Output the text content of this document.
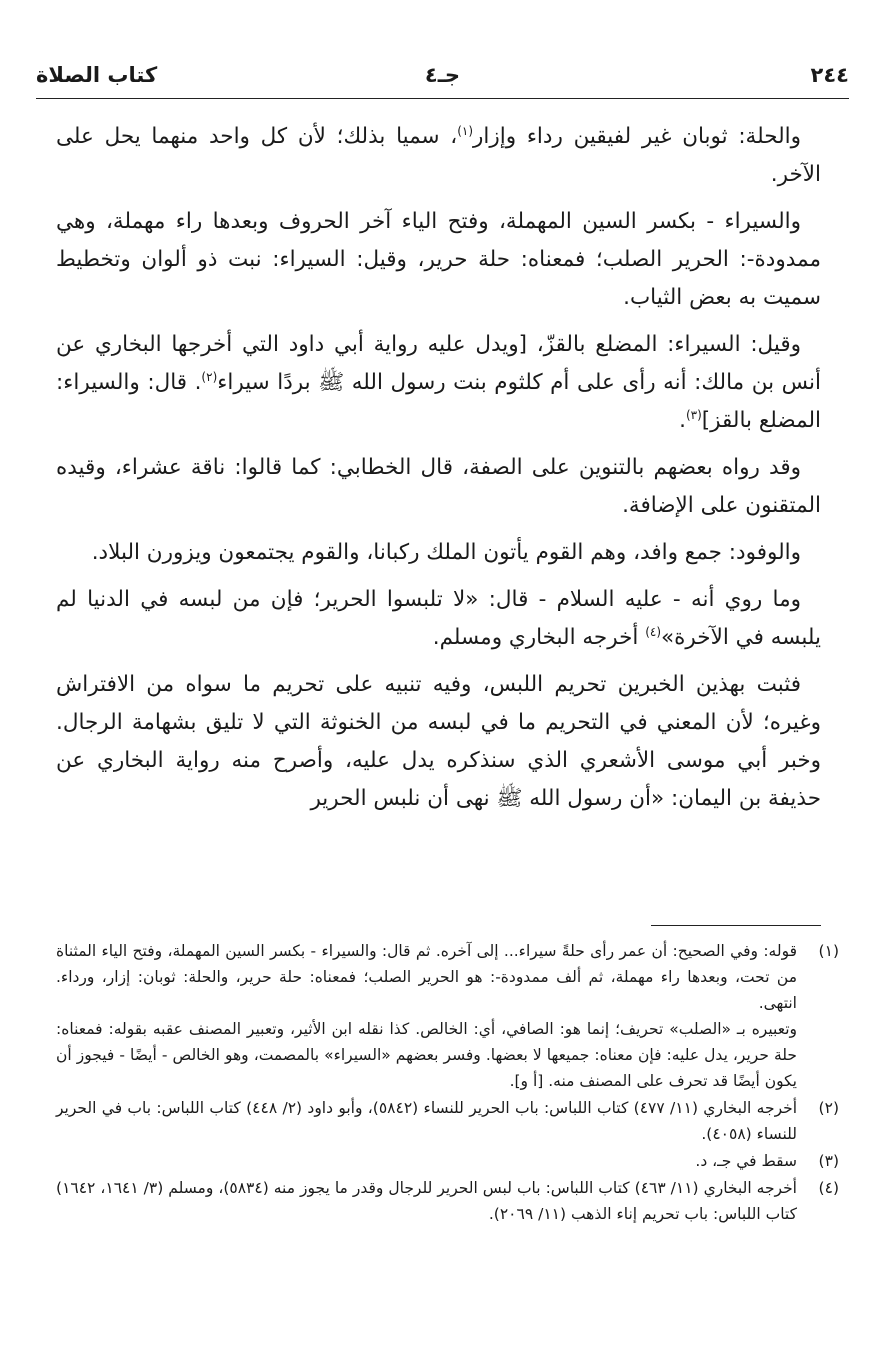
٢٤٤
جـ٤
كتاب الصلاة

والحلة: ثوبان غير لفيقين رداء وإزار$^{(١)}$، سميا بذلك؛ لأن كل واحد منهما يحل على الآخر.

والسيراء - بكسر السين المهملة، وفتح الياء آخر الحروف وبعدها راء مهملة، وهي ممدودة-: الحرير الصلب؛ فمعناه: حلة حرير، وقيل: السيراء: نبت ذو ألوان وتخطيط سميت به بعض الثياب.

وقيل: السيراء: المضلع بالقزّ، [ويدل عليه رواية أبي داود التي أخرجها البخاري عن أنس بن مالك: أنه رأى على أم كلثوم بنت رسول الله ﷺ بردًا سيراء$^{(٢)}$. قال: والسيراء: المضلع بالقز]$^{(٣)}$.

وقد رواه بعضهم بالتنوين على الصفة، قال الخطابي: كما قالوا: ناقة عشراء، وقيده المتقنون على الإضافة.

والوفود: جمع وافد، وهم القوم يأتون الملك ركبانا، والقوم يجتمعون ويزورن البلاد.

وما روي أنه - عليه السلام - قال: «لا تلبسوا الحرير؛ فإن من لبسه في الدنيا لم يلبسه في الآخرة»$^{(٤)}$ أخرجه البخاري ومسلم.

فثبت بهذين الخبرين تحريم اللبس، وفيه تنبيه على تحريم ما سواه من الافتراش وغيره؛ لأن المعني في التحريم ما في لبسه من الخنوثة التي لا تليق بشهامة الرجال. وخبر أبي موسى الأشعري الذي سنذكره يدل عليه، وأصرح منه رواية البخاري عن حذيفة بن اليمان: «أن رسول الله ﷺ نهى أن نلبس الحرير

(١)
قوله: وفي الصحيح: أن عمر رأى حلةً سيراء... إلى آخره. ثم قال: والسيراء - بكسر السين المهملة، وفتح الياء المثناة من تحت، وبعدها راء مهملة، ثم ألف ممدودة-: هو الحرير الصلب؛ فمعناه: حلة حرير، والحلة: ثوبان: إزار، ورداء. انتهى.
وتعبيره بـ «الصلب» تحريف؛ إنما هو: الصافي، أي: الخالص. كذا نقله ابن الأثير، وتعبير المصنف عقبه بقوله: فمعناه: حلة حرير، يدل عليه: فإن معناه: جميعها لا بعضها. وفسر بعضهم «السيراء» بالمصمت، وهو الخالص - أيضًا - فيجوز أن يكون أيضًا قد تحرف على المصنف منه. [أ و].
(٢)
أخرجه البخاري (١١/ ٤٧٧) كتاب اللباس: باب الحرير للنساء (٥٨٤٢)، وأبو داود (٢/ ٤٤٨) كتاب اللباس: باب في الحرير للنساء (٤٠٥٨).
(٣)
سقط في جـ، د.
(٤)
أخرجه البخاري (١١/ ٤٦٣) كتاب اللباس: باب لبس الحرير للرجال وقدر ما يجوز منه (٥٨٣٤)، ومسلم (٣/ ١٦٤١، ١٦٤٢) كتاب اللباس: باب تحريم إناء الذهب (١١/ ٢٠٦٩).
